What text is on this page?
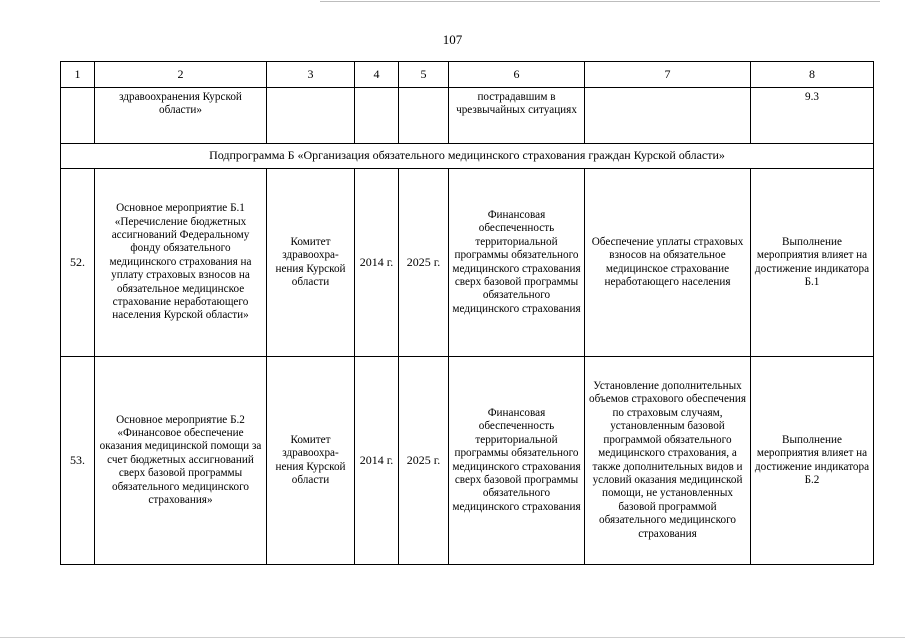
107
1	2	3	4	5	6	7	8
	здравоохранения Курской области»				пострадавшим в чрезвычайных ситуациях		9.3
Подпрограмма Б «Организация обязательного медицинского страхования граждан Курской области»							
52.	Основное мероприятие Б.1 «Перечисление бюджетных ассигнований Федеральному фонду обязательного медицинского страхования на уплату страховых взносов на обязательное медицинское страхование неработающего населения Курской области»	Комитет здравоохра-нения Курской области	2014 г.	2025 г.	Финансовая обеспеченность территориальной программы обязательного медицинского страхования сверх базовой программы обязательного медицинского страхования	Обеспечение уплаты страховых взносов на обязательное медицинское страхование неработающего населения	Выполнение мероприятия влияет на достижение индикатора Б.1
53.	Основное мероприятие Б.2 «Финансовое обеспечение оказания медицинской помощи за счет бюджетных ассигнований сверх базовой программы обязательного медицинского страхования»	Комитет здравоохра-нения Курской области	2014 г.	2025 г.	Финансовая обеспеченность территориальной программы обязательного медицинского страхования сверх базовой программы обязательного медицинского страхования	Установление дополнительных объемов страхового обеспечения по страховым случаям, установленным базовой программой обязательного медицинского страхования, а также дополнительных видов и условий оказания медицинской помощи, не установленных базовой программой обязательного медицинского страхования	Выполнение мероприятия влияет на достижение индикатора Б.2
